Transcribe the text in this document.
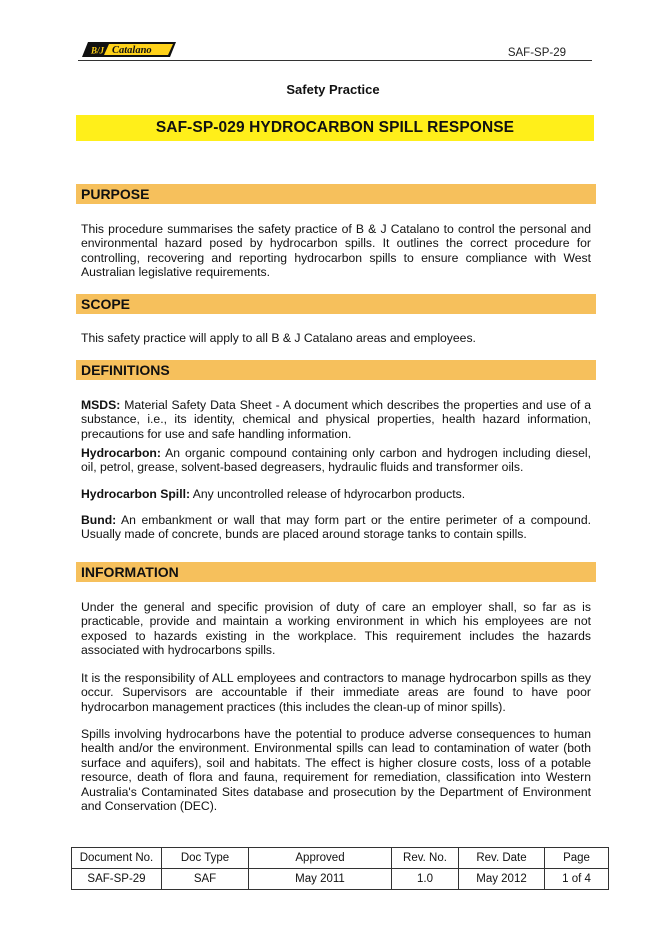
B/J Catalano	SAF-SP-29
Safety Practice
SAF-SP-029 HYDROCARBON SPILL RESPONSE
PURPOSE
This procedure summarises the safety practice of B & J Catalano to control the personal and environmental hazard posed by hydrocarbon spills. It outlines the correct procedure for controlling, recovering and reporting hydrocarbon spills to ensure compliance with West Australian legislative requirements.
SCOPE
This safety practice will apply to all B & J Catalano areas and employees.
DEFINITIONS
MSDS: Material Safety Data Sheet - A document which describes the properties and use of a substance, i.e., its identity, chemical and physical properties, health hazard information, precautions for use and safe handling information.
Hydrocarbon: An organic compound containing only carbon and hydrogen including diesel, oil, petrol, grease, solvent-based degreasers, hydraulic fluids and transformer oils.
Hydrocarbon Spill: Any uncontrolled release of hdyrocarbon products.
Bund: An embankment or wall that may form part or the entire perimeter of a compound. Usually made of concrete, bunds are placed around storage tanks to contain spills.
INFORMATION
Under the general and specific provision of duty of care an employer shall, so far as is practicable, provide and maintain a working environment in which his employees are not exposed to hazards existing in the workplace. This requirement includes the hazards associated with hydrocarbons spills.
It is the responsibility of ALL employees and contractors to manage hydrocarbon spills as they occur. Supervisors are accountable if their immediate areas are found to have poor hydrocarbon management practices (this includes the clean-up of minor spills).
Spills involving hydrocarbons have the potential to produce adverse consequences to human health and/or the environment. Environmental spills can lead to contamination of water (both surface and aquifers), soil and habitats. The effect is higher closure costs, loss of a potable resource, death of flora and fauna, requirement for remediation, classification into Western Australia's Contaminated Sites database and prosecution by the Department of Environment and Conservation (DEC).
Document No.	Doc Type	Approved	Rev. No.	Rev. Date	Page
SAF-SP-29	SAF	May 2011	1.0	May 2012	1 of 4
